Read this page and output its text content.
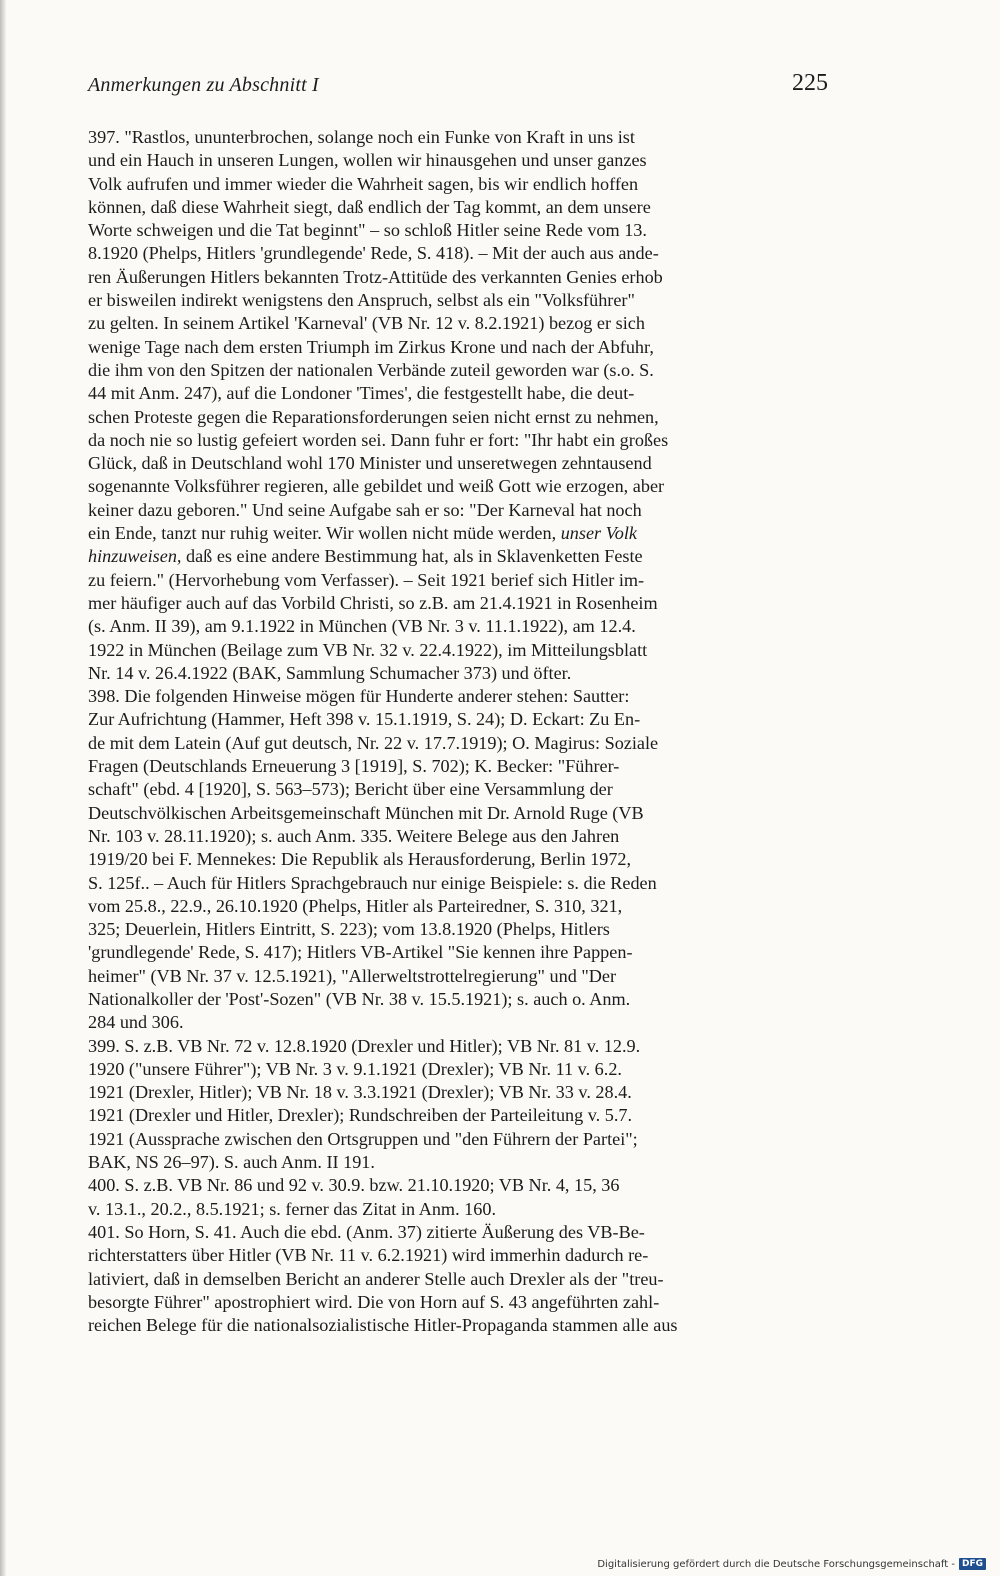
Anmerkungen zu Abschnitt I	225
397. "Rastlos, ununterbrochen, solange noch ein Funke von Kraft in uns ist
und ein Hauch in unseren Lungen, wollen wir hinausgehen und unser ganzes
Volk aufrufen und immer wieder die Wahrheit sagen, bis wir endlich hoffen
können, daß diese Wahrheit siegt, daß endlich der Tag kommt, an dem unsere
Worte schweigen und die Tat beginnt" – so schloß Hitler seine Rede vom 13.
8.1920 (Phelps, Hitlers 'grundlegende' Rede, S. 418). – Mit der auch aus ande-
ren Äußerungen Hitlers bekannten Trotz-Attitüde des verkannten Genies erhob
er bisweilen indirekt wenigstens den Anspruch, selbst als ein "Volksführer"
zu gelten. In seinem Artikel 'Karneval' (VB Nr. 12 v. 8.2.1921) bezog er sich
wenige Tage nach dem ersten Triumph im Zirkus Krone und nach der Abfuhr,
die ihm von den Spitzen der nationalen Verbände zuteil geworden war (s.o. S.
44 mit Anm. 247), auf die Londoner 'Times', die festgestellt habe, die deut-
schen Proteste gegen die Reparationsforderungen seien nicht ernst zu nehmen,
da noch nie so lustig gefeiert worden sei. Dann fuhr er fort: "Ihr habt ein großes
Glück, daß in Deutschland wohl 170 Minister und unseretwegen zehntausend
sogenannte Volksführer regieren, alle gebildet und weiß Gott wie erzogen, aber
keiner dazu geboren." Und seine Aufgabe sah er so: "Der Karneval hat noch
ein Ende, tanzt nur ruhig weiter. Wir wollen nicht müde werden, unser Volk
hinzuweisen, daß es eine andere Bestimmung hat, als in Sklavenketten Feste
zu feiern." (Hervorhebung vom Verfasser). – Seit 1921 berief sich Hitler im-
mer häufiger auch auf das Vorbild Christi, so z.B. am 21.4.1921 in Rosenheim
(s. Anm. II 39), am 9.1.1922 in München (VB Nr. 3 v. 11.1.1922), am 12.4.
1922 in München (Beilage zum VB Nr. 32 v. 22.4.1922), im Mitteilungsblatt
Nr. 14 v. 26.4.1922 (BAK, Sammlung Schumacher 373) und öfter.
398. Die folgenden Hinweise mögen für Hunderte anderer stehen: Sautter:
Zur Aufrichtung (Hammer, Heft 398 v. 15.1.1919, S. 24); D. Eckart: Zu En-
de mit dem Latein (Auf gut deutsch, Nr. 22 v. 17.7.1919); O. Magirus: Soziale
Fragen (Deutschlands Erneuerung 3 [1919], S. 702); K. Becker: "Führer-
schaft" (ebd. 4 [1920], S. 563–573); Bericht über eine Versammlung der
Deutschvölkischen Arbeitsgemeinschaft München mit Dr. Arnold Ruge (VB
Nr. 103 v. 28.11.1920); s. auch Anm. 335. Weitere Belege aus den Jahren
1919/20 bei F. Mennekes: Die Republik als Herausforderung, Berlin 1972,
S. 125f.. – Auch für Hitlers Sprachgebrauch nur einige Beispiele: s. die Reden
vom 25.8., 22.9., 26.10.1920 (Phelps, Hitler als Parteiredner, S. 310, 321,
325; Deuerlein, Hitlers Eintritt, S. 223); vom 13.8.1920 (Phelps, Hitlers
'grundlegende' Rede, S. 417); Hitlers VB-Artikel "Sie kennen ihre Pappen-
heimer" (VB Nr. 37 v. 12.5.1921), "Allerweltstrottelregierung" und "Der
Nationalkoller der 'Post'-Sozen" (VB Nr. 38 v. 15.5.1921); s. auch o. Anm.
284 und 306.
399. S. z.B. VB Nr. 72 v. 12.8.1920 (Drexler und Hitler); VB Nr. 81 v. 12.9.
1920 ("unsere Führer"); VB Nr. 3 v. 9.1.1921 (Drexler); VB Nr. 11 v. 6.2.
1921 (Drexler, Hitler); VB Nr. 18 v. 3.3.1921 (Drexler); VB Nr. 33 v. 28.4.
1921 (Drexler und Hitler, Drexler); Rundschreiben der Parteileitung v. 5.7.
1921 (Aussprache zwischen den Ortsgruppen und "den Führern der Partei";
BAK, NS 26–97). S. auch Anm. II 191.
400. S. z.B. VB Nr. 86 und 92 v. 30.9. bzw. 21.10.1920; VB Nr. 4, 15, 36
v. 13.1., 20.2., 8.5.1921; s. ferner das Zitat in Anm. 160.
401. So Horn, S. 41. Auch die ebd. (Anm. 37) zitierte Äußerung des VB-Be-
richterstatters über Hitler (VB Nr. 11 v. 6.2.1921) wird immerhin dadurch re-
lativiert, daß in demselben Bericht an anderer Stelle auch Drexler als der "treu-
besorgte Führer" apostrophiert wird. Die von Horn auf S. 43 angeführten zahl-
reichen Belege für die nationalsozialistische Hitler-Propaganda stammen alle aus
Digitalisierung gefördert durch die Deutsche Forschungsgemeinschaft - DFG
